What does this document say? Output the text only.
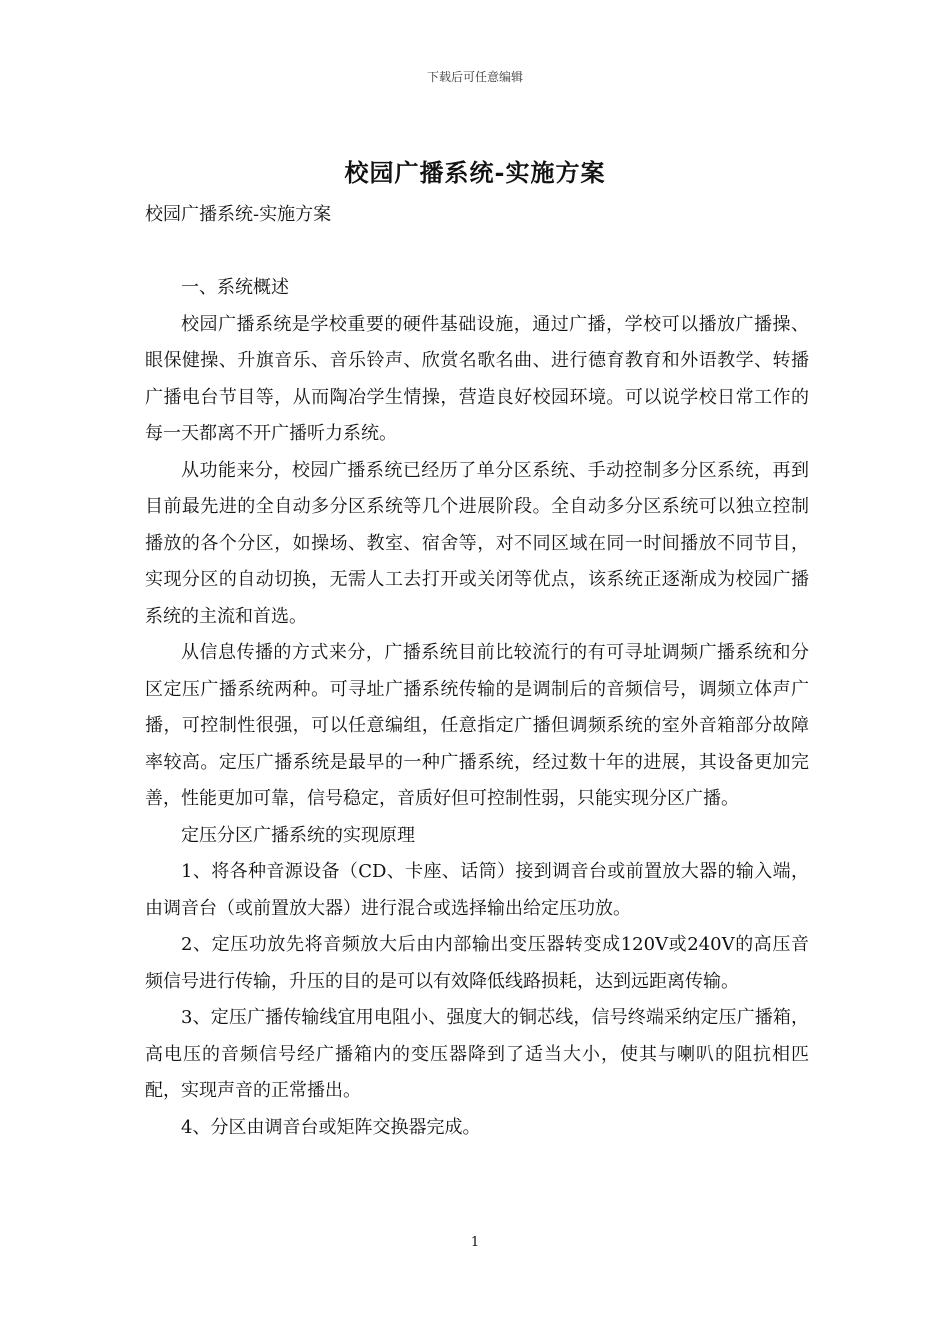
下载后可任意编辑
校园广播系统-实施方案
校园广播系统-实施方案

一、系统概述

校园广播系统是学校重要的硬件基础设施，通过广播，学校可以播放广播操、眼保健操、升旗音乐、音乐铃声、欣赏名歌名曲、进行德育教育和外语教学、转播广播电台节目等，从而陶冶学生情操，营造良好校园环境。可以说学校日常工作的每一天都离不开广播听力系统。

从功能来分，校园广播系统已经历了单分区系统、手动控制多分区系统，再到目前最先进的全自动多分区系统等几个进展阶段。全自动多分区系统可以独立控制播放的各个分区，如操场、教室、宿舍等，对不同区域在同一时间播放不同节目，实现分区的自动切换，无需人工去打开或关闭等优点，该系统正逐渐成为校园广播系统的主流和首选。

从信息传播的方式来分，广播系统目前比较流行的有可寻址调频广播系统和分区定压广播系统两种。可寻址广播系统传输的是调制后的音频信号，调频立体声广播，可控制性很强，可以任意编组，任意指定广播但调频系统的室外音箱部分故障率较高。定压广播系统是最早的一种广播系统，经过数十年的进展，其设备更加完善，性能更加可靠，信号稳定，音质好但可控制性弱，只能实现分区广播。

定压分区广播系统的实现原理

1、将各种音源设备（CD、卡座、话筒）接到调音台或前置放大器的输入端，由调音台（或前置放大器）进行混合或选择输出给定压功放。

2、定压功放先将音频放大后由内部输出变压器转变成120V或240V的高压音频信号进行传输，升压的目的是可以有效降低线路损耗，达到远距离传输。

3、定压广播传输线宜用电阻小、强度大的铜芯线，信号终端采纳定压广播箱，高电压的音频信号经广播箱内的变压器降到了适当大小，使其与喇叭的阻抗相匹配，实现声音的正常播出。

4、分区由调音台或矩阵交换器完成。

1
